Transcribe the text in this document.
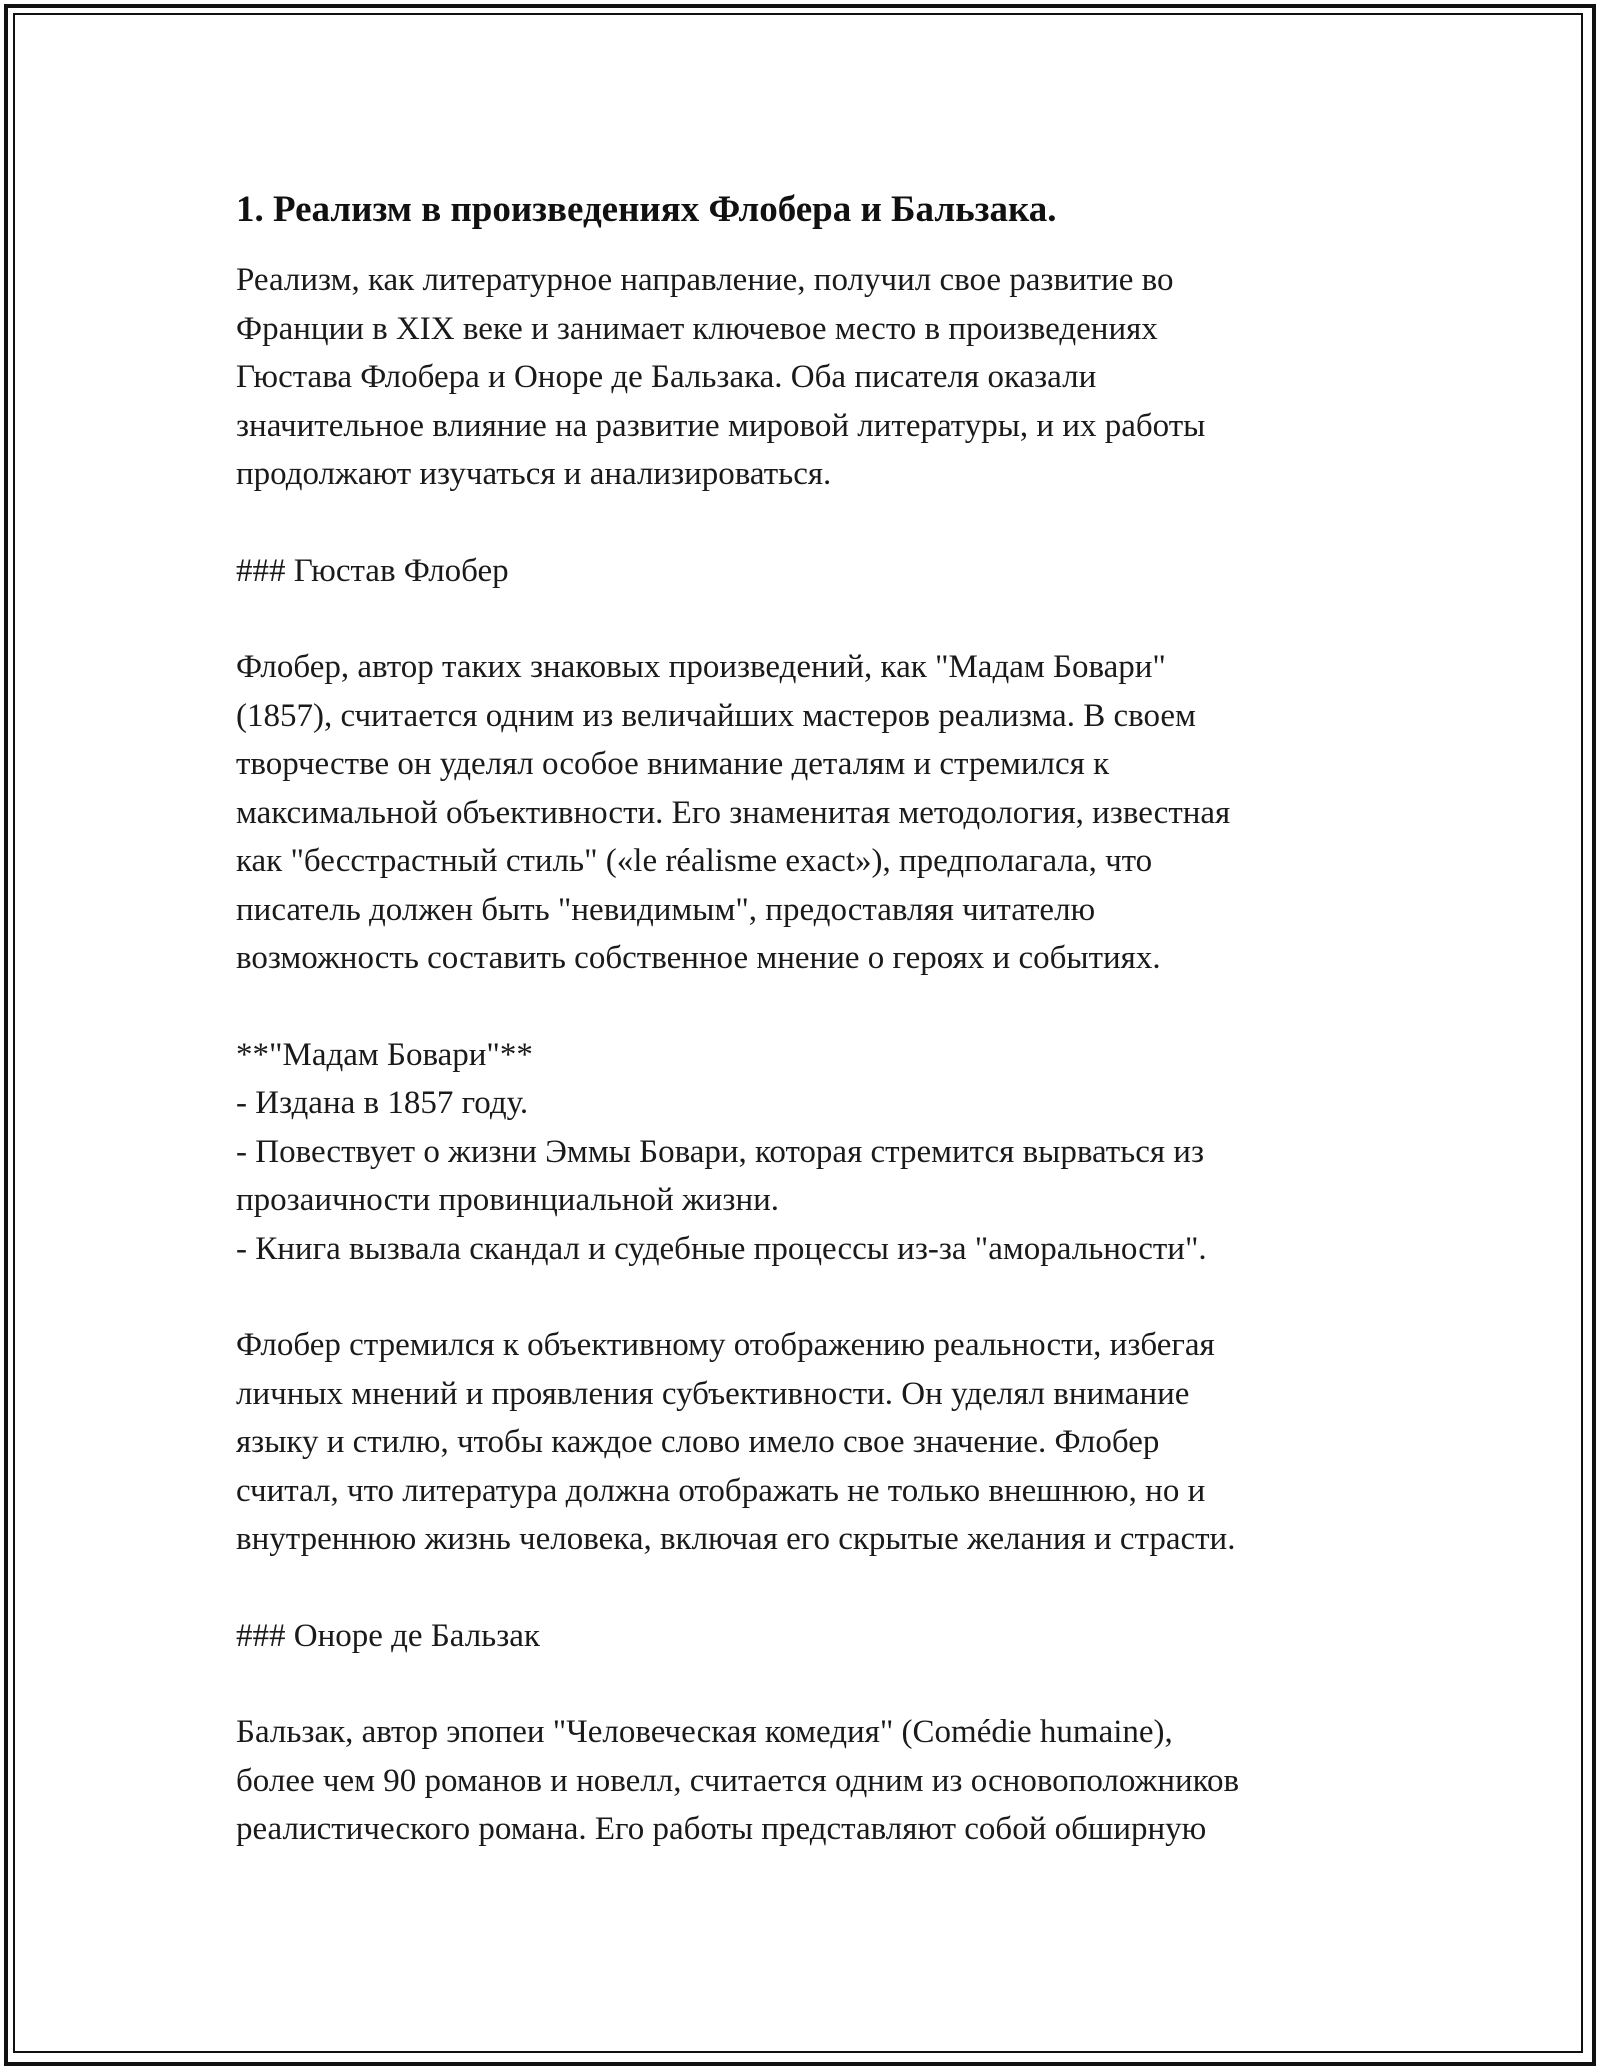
1. Реализм в произведениях Флобера и Бальзака.

Реализм, как литературное направление, получил свое развитие во
Франции в XIX веке и занимает ключевое место в произведениях
Гюстава Флобера и Оноре де Бальзака. Оба писателя оказали
значительное влияние на развитие мировой литературы, и их работы
продолжают изучаться и анализироваться.

### Гюстав Флобер

Флобер, автор таких знаковых произведений, как "Мадам Бовари"
(1857), считается одним из величайших мастеров реализма. В своем
творчестве он уделял особое внимание деталям и стремился к
максимальной объективности. Его знаменитая методология, известная
как "бесстрастный стиль" («le réalisme exact»), предполагала, что
писатель должен быть "невидимым", предоставляя читателю
возможность составить собственное мнение о героях и событиях.

**"Мадам Бовари"**

- Издана в 1857 году.

- Повествует о жизни Эммы Бовари, которая стремится вырваться из

прозаичности провинциальной жизни.

- Книга вызвала скандал и судебные процессы из-за "аморальности".

Флобер стремился к объективному отображению реальности, избегая
личных мнений и проявления субъективности. Он уделял внимание
языку и стилю, чтобы каждое слово имело свое значение. Флобер
считал, что литература должна отображать не только внешнюю, но и
внутреннюю жизнь человека, включая его скрытые желания и страсти.

### Оноре де Бальзак

Бальзак, автор эпопеи "Человеческая комедия" (Comédie humaine),
более чем 90 романов и новелл, считается одним из основоположников
реалистического романа. Его работы представляют собой обширную
